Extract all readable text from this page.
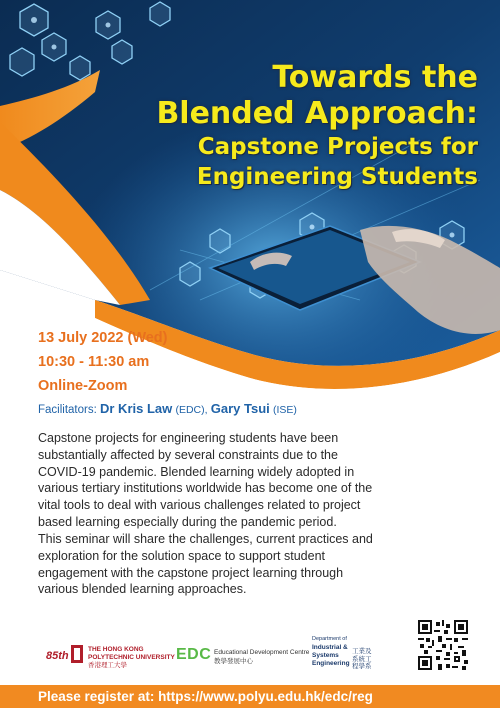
Towards the
Blended Approach:
Capstone Projects for
Engineering Students
13 July 2022 (Wed)
10:30 - 11:30 am
Online-Zoom
Facilitators: Dr Kris Law (EDC), Gary Tsui (ISE)

Capstone projects for engineering students have been substantially affected by several constraints due to the COVID-19 pandemic. Blended learning widely adopted in various tertiary institutions worldwide has become one of the vital tools to deal with various challenges related to project based learning especially during the pandemic period.

This seminar will share the challenges, current practices and exploration for the solution space to support student engagement with the capstone project learning through various blended learning approaches.

85th
THE HONG KONG
POLYTECHNIC UNIVERSITY
香港理工大學
EDC Educational Development Centre
教學發展中心
Department of
Industrial &
Systems
Engineering
工業及系統工程學系
Please register at: https://www.polyu.edu.hk/edc/reg
